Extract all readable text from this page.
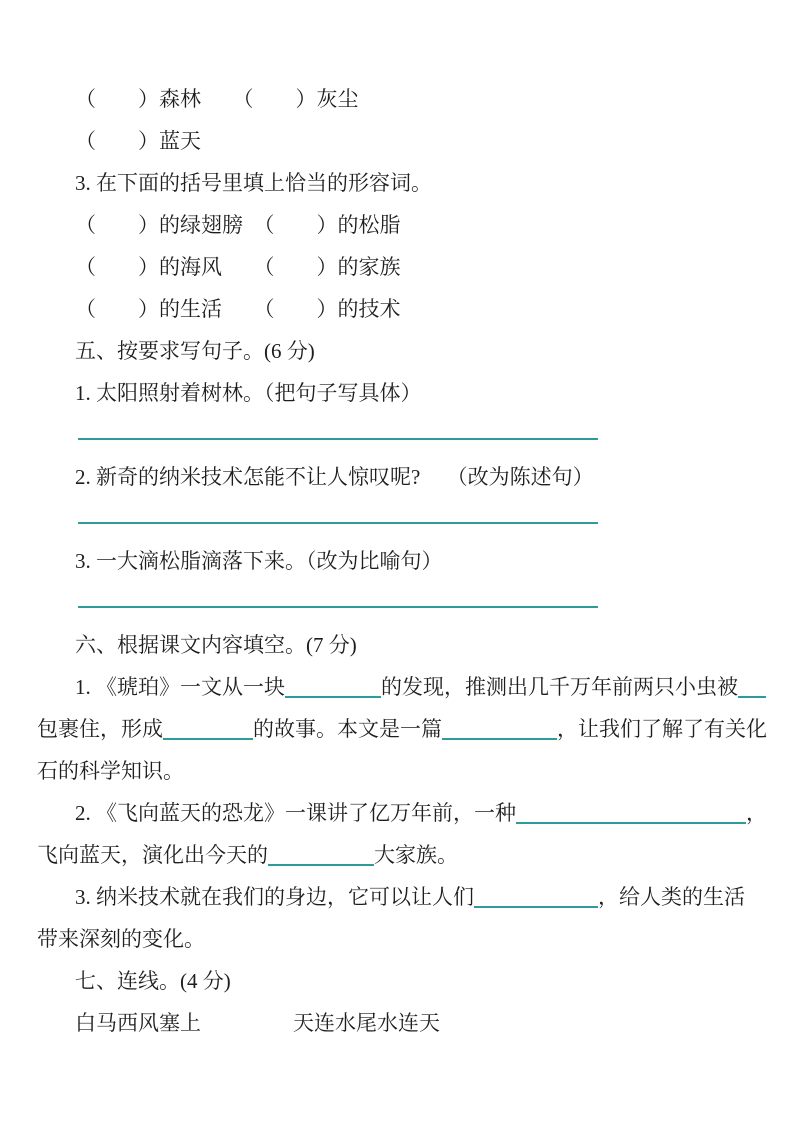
（　　）森林　　（　　）灰尘
（　　）蓝天
3. 在下面的括号里填上恰当的形容词。
（　　）的绿翅膀　（　　）的松脂
（　　）的海风　　（　　）的家族
（　　）的生活　　（　　）的技术
五、按要求写句子。(6 分)
1. 太阳照射着树林。（把句子写具体）
2. 新奇的纳米技术怎能不让人惊叹呢?　 （改为陈述句）
3. 一大滴松脂滴落下来。（改为比喻句）
六、根据课文内容填空。(7 分)
1. 《琥珀》一文从一块	的发现，推测出几千万年前两只小虫被
包裹住，形成	的故事。本文是一篇	，让我们了解了有关化
石的科学知识。
2. 《飞向蓝天的恐龙》一课讲了亿万年前，一种	，
飞向蓝天，演化出今天的	大家族。
3. 纳米技术就在我们的身边，它可以让人们	，给人类的生活
带来深刻的变化。
七、连线。(4 分)
白马西风塞上	天连水尾水连天
